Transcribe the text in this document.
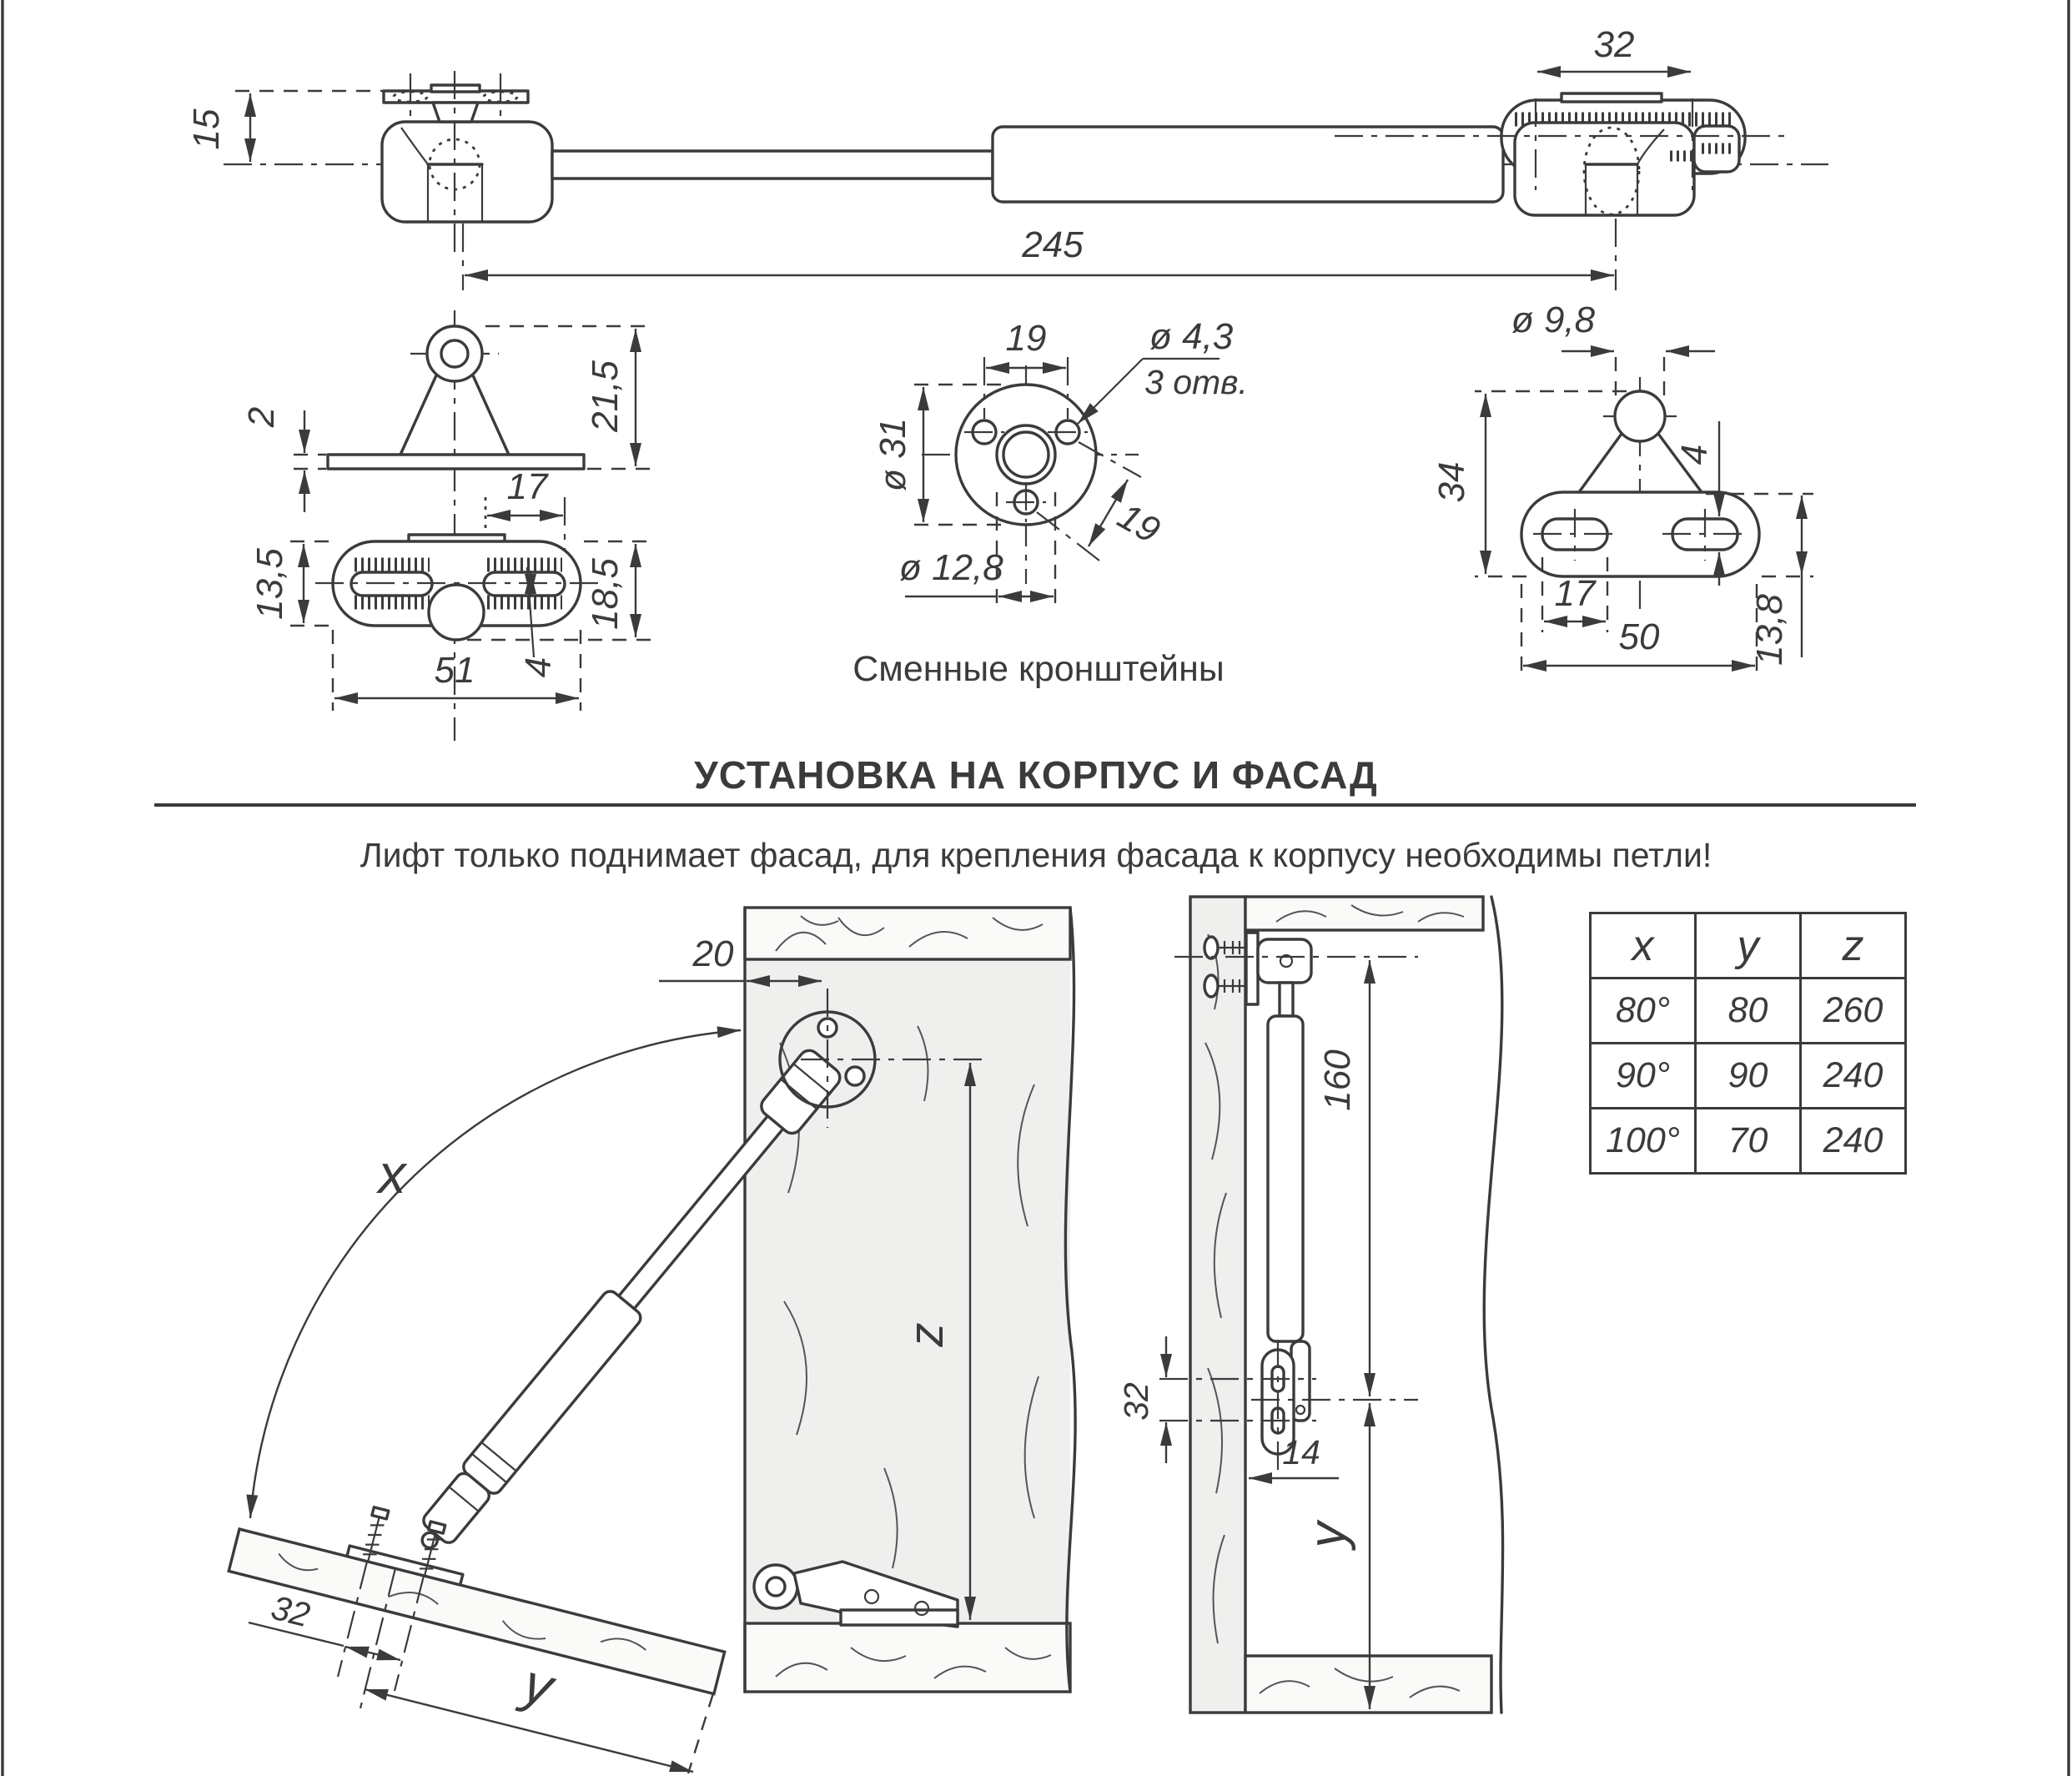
15
32
245
2	21,5
17
13,5	18,5
51 4
19	ø 4,3
3 отв.
ø 31
ø 12,8
19
ø 9,8
34
4
17
50 13,8
20
z
x
32
y
160
y
32
14
Сменные кронштейны
УСТАНОВКА НА КОРПУС И ФАСАД
Лифт только поднимает фасад, для крепления фасада к корпусу необходимы петли!
x	y	z
80°	80	260
90°	90	240
100°	70	240
